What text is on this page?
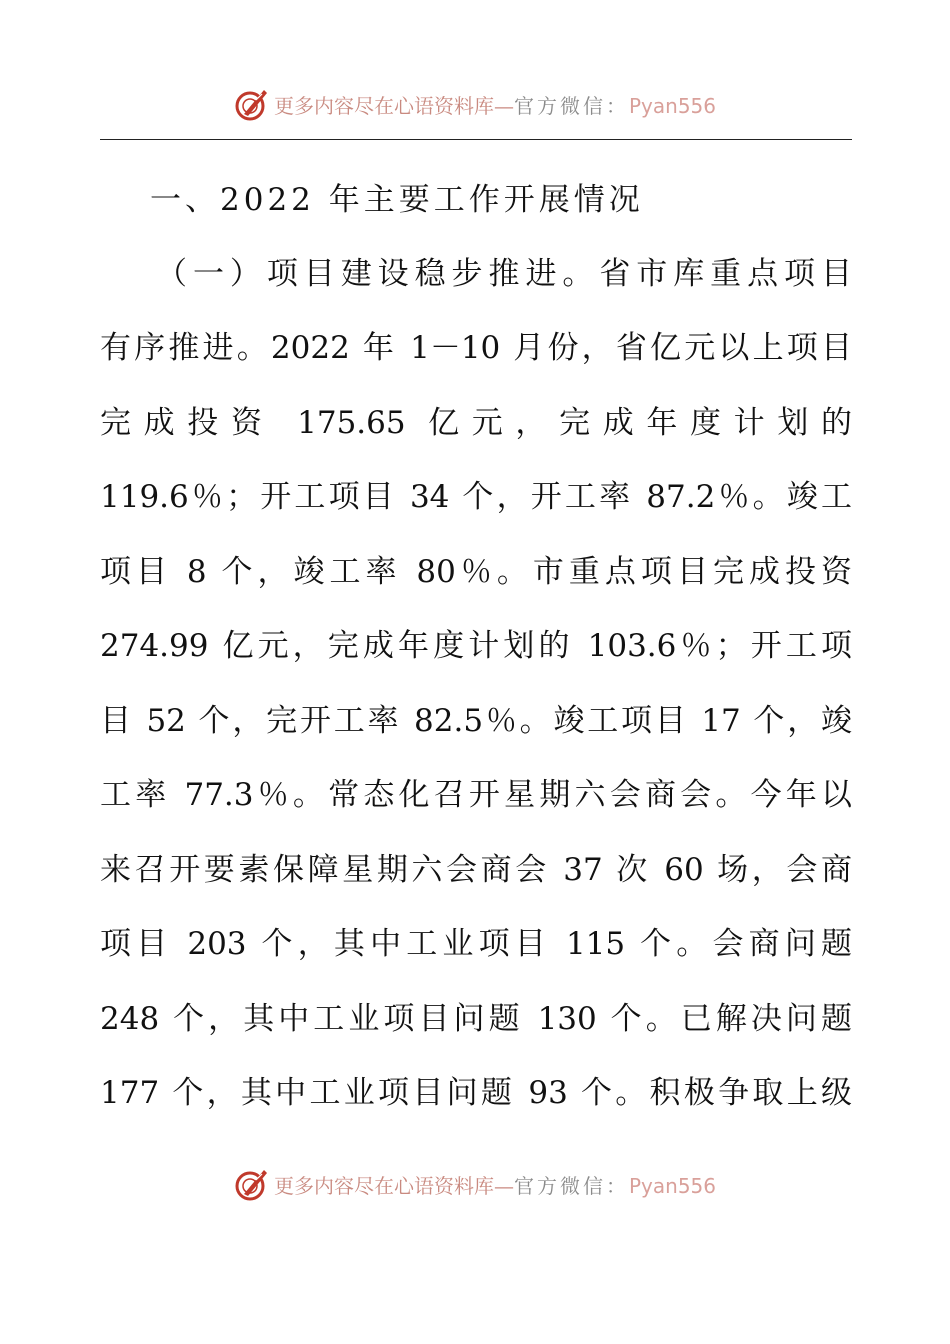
更多内容尽在心语资料库—官方微信：Pyan556
一、2022 年主要工作开展情况
（一）项目建设稳步推进。省市库重点项目
有序推进。2022 年 1－10 月份，省亿元以上项目
完成投资 175.65 亿元，完成年度计划的
119.6％；开工项目 34 个，开工率 87.2％。竣工
项目 8 个，竣工率 80％。市重点项目完成投资
274.99 亿元，完成年度计划的 103.6％；开工项
目 52 个，完开工率 82.5％。竣工项目 17 个，竣
工率 77.3％。常态化召开星期六会商会。今年以
来召开要素保障星期六会商会 37 次 60 场，会商
项目 203 个，其中工业项目 115 个。会商问题
248 个，其中工业项目问题 130 个。已解决问题
177 个，其中工业项目问题 93 个。积极争取上级
更多内容尽在心语资料库—官方微信：Pyan556
